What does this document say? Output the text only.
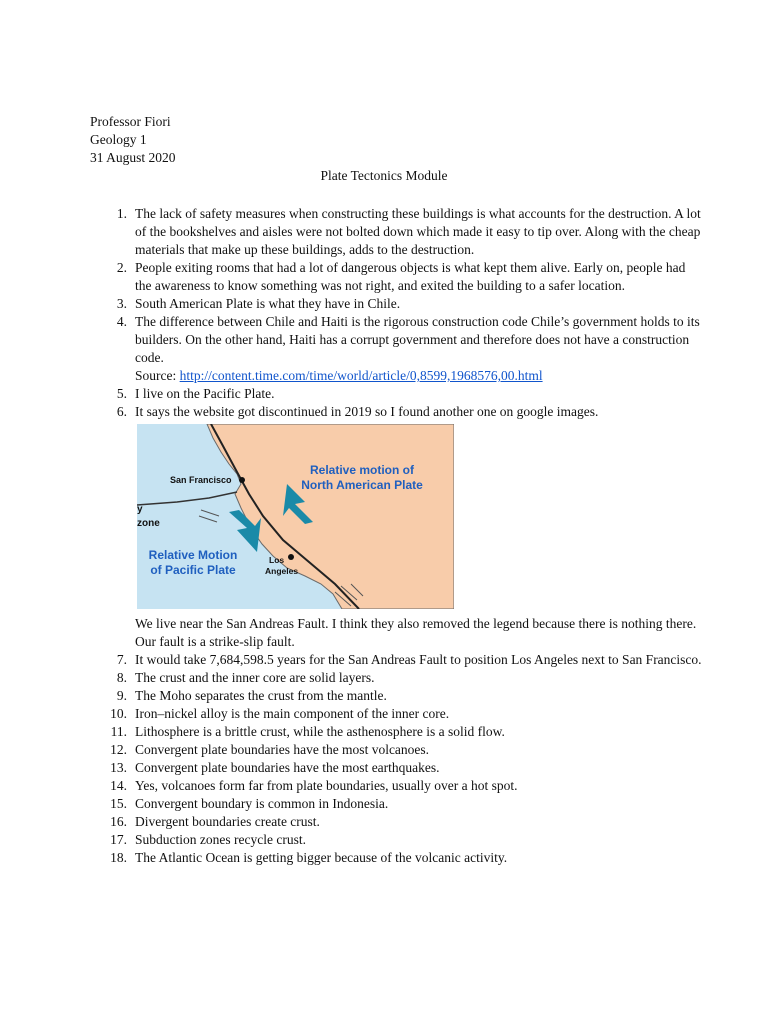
Professor Fiori
Geology 1
31 August 2020
Plate Tectonics Module
1. The lack of safety measures when constructing these buildings is what accounts for the destruction. A lot of the bookshelves and aisles were not bolted down which made it easy to tip over. Along with the cheap materials that make up these buildings, adds to the destruction.
2. People exiting rooms that had a lot of dangerous objects is what kept them alive. Early on, people had the awareness to know something was not right, and exited the building to a safer location.
3. South American Plate is what they have in Chile.
4. The difference between Chile and Haiti is the rigorous construction code Chile’s government holds to its builders. On the other hand, Haiti has a corrupt government and therefore does not have a construction code.
Source: http://content.time.com/time/world/article/0,8599,1968576,00.html
5. I live on the Pacific Plate.
6. It says the website got discontinued in 2019 so I found another one on google images.
San Francisco
Los
Angeles
Relative motion of
North American Plate
Relative Motion
of Pacific Plate
y
zone
We live near the San Andreas Fault. I think they also removed the legend because there is nothing there. Our fault is a strike-slip fault.
7. It would take 7,684,598.5 years for the San Andreas Fault to position Los Angeles next to San Francisco.
8. The crust and the inner core are solid layers.
9. The Moho separates the crust from the mantle.
10. Iron–nickel alloy is the main component of the inner core.
11. Lithosphere is a brittle crust, while the asthenosphere is a solid flow.
12. Convergent plate boundaries have the most volcanoes.
13. Convergent plate boundaries have the most earthquakes.
14. Yes, volcanoes form far from plate boundaries, usually over a hot spot.
15. Convergent boundary is common in Indonesia.
16. Divergent boundaries create crust.
17. Subduction zones recycle crust.
18. The Atlantic Ocean is getting bigger because of the volcanic activity.
